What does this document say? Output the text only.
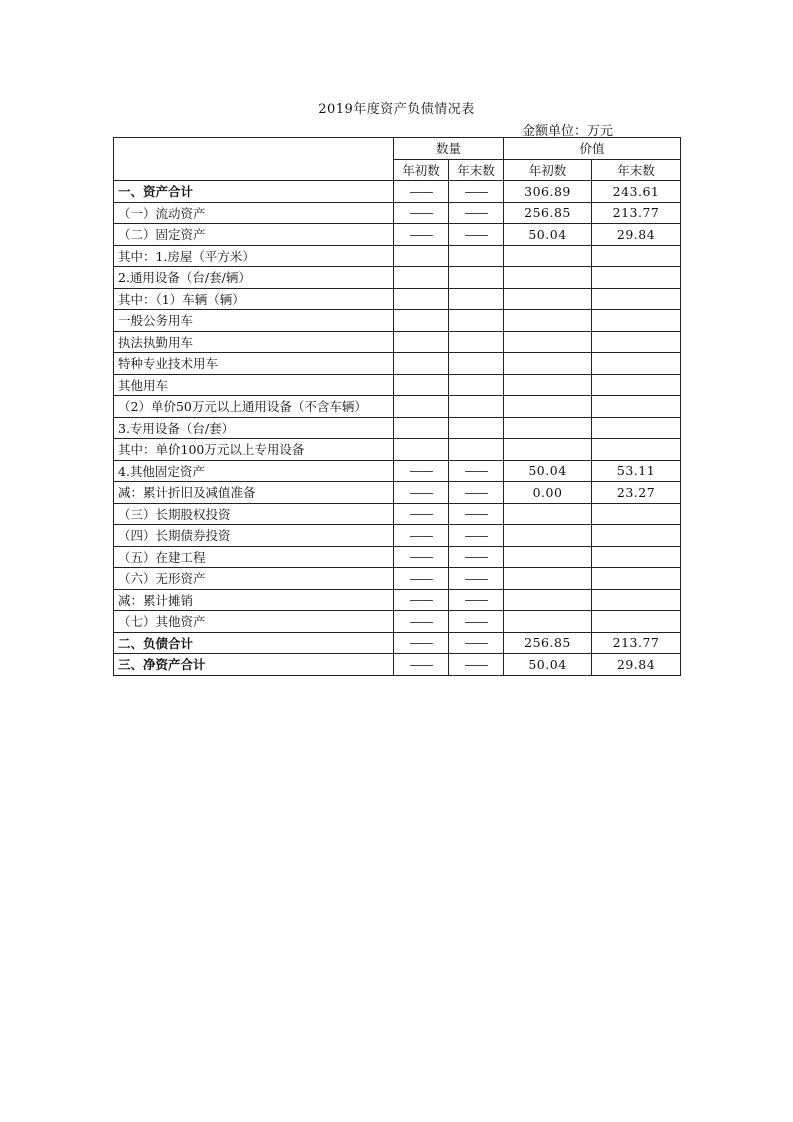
2019年度资产负债情况表
金额单位：万元
	数量		价值	
	年初数	年末数	年初数	年末数
一、资产合计	——	——	306.89	243.61
（一）流动资产	——	——	256.85	213.77
（二）固定资产	——	——	50.04	29.84
其中：1.房屋（平方米）				
2.通用设备（台/套/辆）				
其中：（1）车辆（辆）				
一般公务用车				
执法执勤用车				
特种专业技术用车				
其他用车				
（2）单价50万元以上通用设备（不含车辆）				
3.专用设备（台/套）				
其中：单价100万元以上专用设备				
4.其他固定资产	——	——	50.04	53.11
减：累计折旧及减值准备	——	——	0.00	23.27
（三）长期股权投资	——	——		
（四）长期债券投资	——	——		
（五）在建工程	——	——		
（六）无形资产	——	——		
减：累计摊销	——	——		
（七）其他资产	——	——		
二、负债合计	——	——	256.85	213.77
三、净资产合计	——	——	50.04	29.84
